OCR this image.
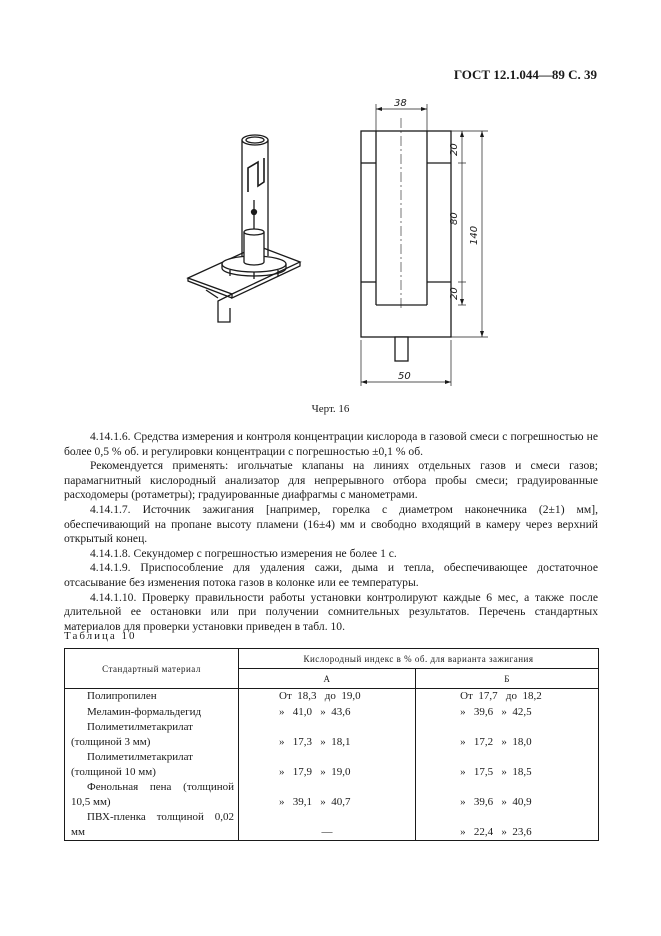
ГОСТ 12.1.044—89 С. 39
38
50
20
80
20
140
Черт. 16

4.14.1.6. Средства измерения и контроля концентрации кислорода в газовой смеси с погрешностью не более 0,5 % об. и регулировки концентрации с погрешностью ±0,1 % об.

Рекомендуется применять: игольчатые клапаны на линиях отдельных газов и смеси газов; парамагнитный кислородный анализатор для непрерывного отбора пробы смеси; градуированные расходомеры (ротаметры); градуированные диафрагмы с манометрами.

4.14.1.7. Источник зажигания [например, горелка с диаметром наконечника (2±1) мм], обеспечивающий на пропане высоту пламени (16±4) мм и свободно входящий в камеру через верхний открытый конец.

4.14.1.8. Секундомер с погрешностью измерения не более 1 с.

4.14.1.9. Приспособление для удаления сажи, дыма и тепла, обеспечивающее достаточное отсасывание без изменения потока газов в колонке или ее температуры.

4.14.1.10. Проверку правильности работы установки контролируют каждые 6 мес, а также после длительной ее остановки или при получении сомнительных результатов. Перечень стандартных материалов для проверки установки приведен в табл. 10.

Таблица 10
Стандартный материал	Кислородный индекс в % об. для варианта зажигания	
	А	Б

Полипропилен	От  18,3   до  19,0	От  17,7   до  18,2

Меламин-формальдегид	»   41,0   »  43,6	»   39,6   »  42,5

Полиметилметакрилат (толщиной 3 мм)	»   17,3   »  18,1	»   17,2   »  18,0

Полиметилметакрилат (толщиной 10 мм)	»   17,9   »  19,0	»   17,5   »  18,5

Фенольная пена (толщиной 10,5 мм)	»   39,1   »  40,7	»   39,6   »  40,9

ПВХ-пленка толщиной 0,02 мм	—	»   22,4   »  23,6
